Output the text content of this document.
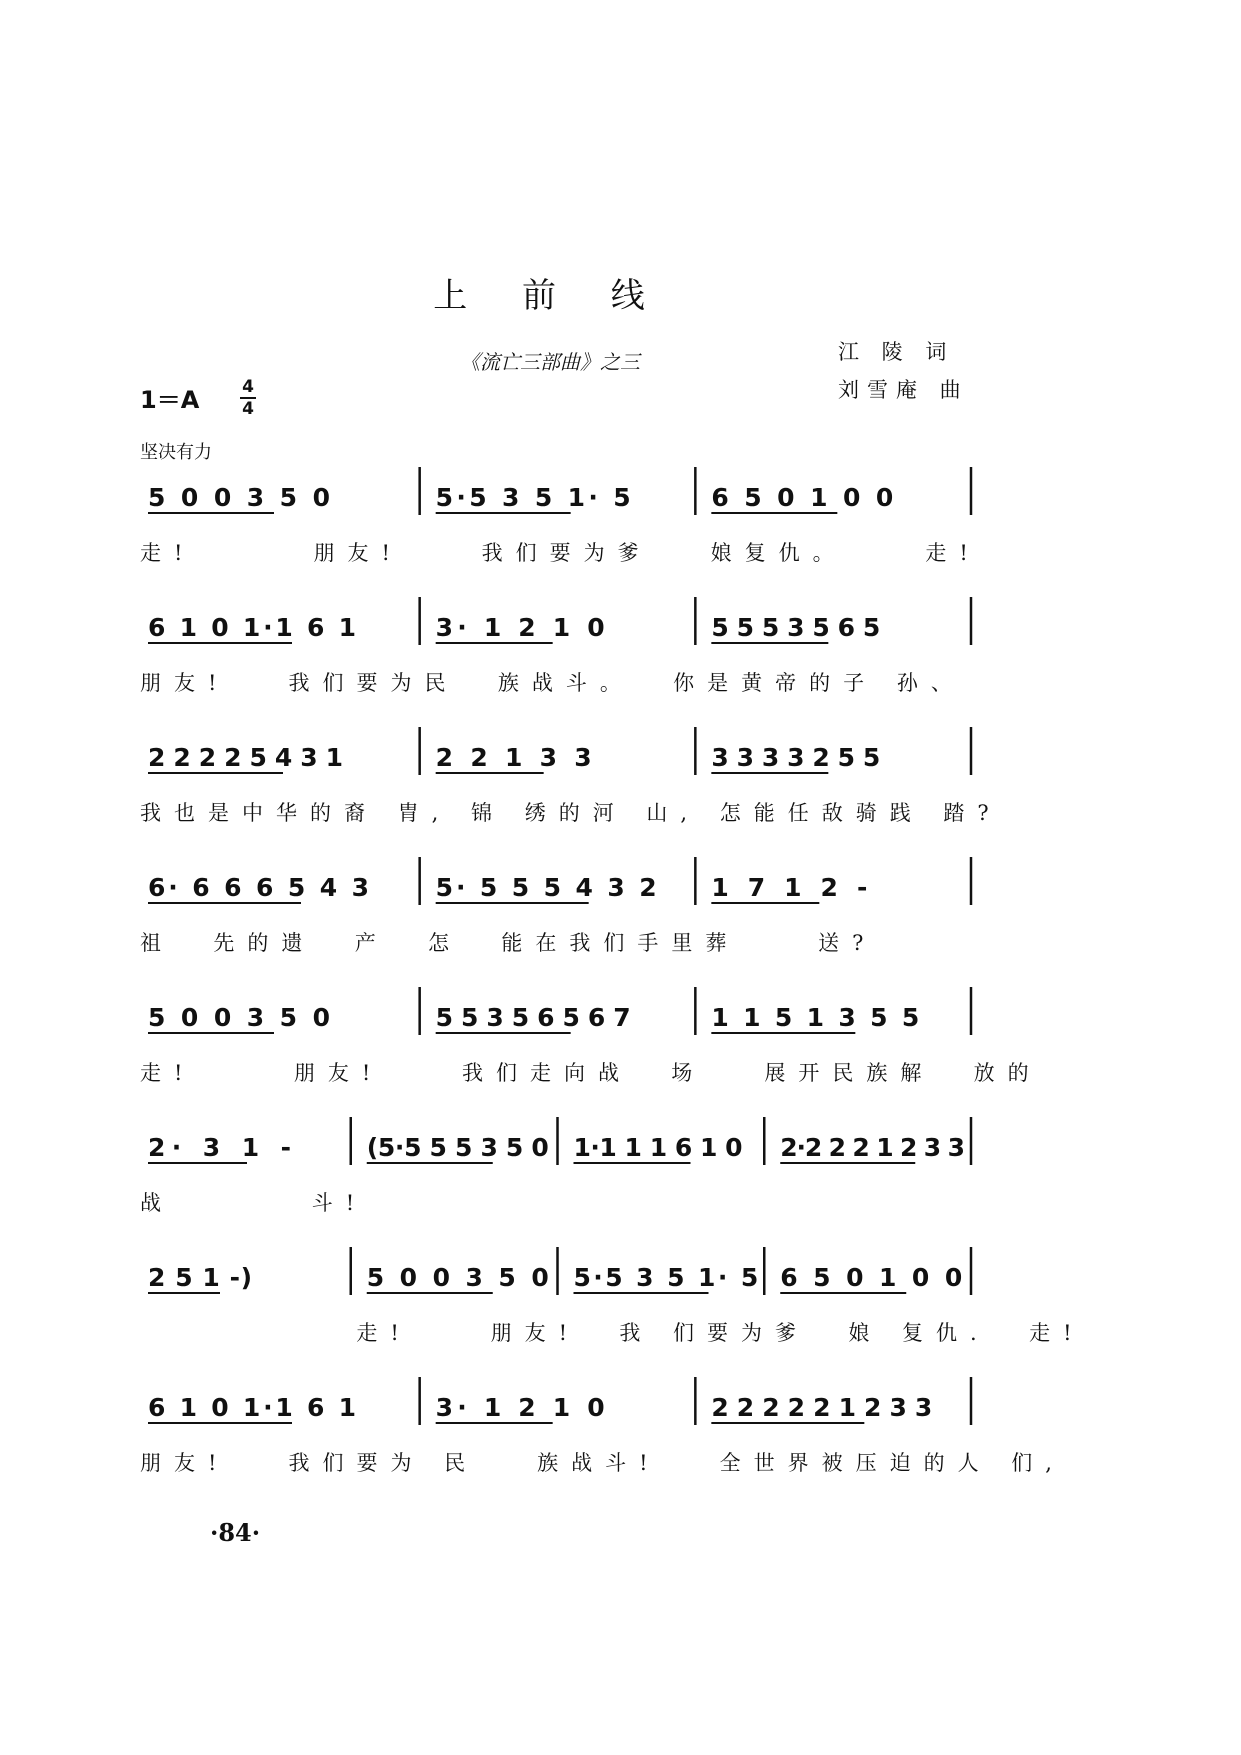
上 前 线
《流亡三部曲》之三
1＝A	4
4
江 陵 词
刘雪庵 曲
坚决有力
5 0 0 3 5 0	5·5 3 5 1· 5	6 5 0 1 0 0
6 1 0 1·1 6 1	3· 1 2 1 0	5 5 5 3 5 6 5
2 2 2 2 5 4 3 1	2 2 1 3 3	3 3 3 3 2 5 5
6· 6 6 6 5 4 3	5· 5 5 5 4 3 2 1 7 1 2 -
5 0 0 3 5 0	5 5 3 5 6 5 6 7	1 1 5 1 3 5 5
2· 3 1 -	(5·5 5 5 3 5 0 1·1 1 1 6 1 0 2·2 2 2 1 2 3 3
2 5 1 -)	5 0 0 3 5 0 5·5 3 5 1· 5 6 5 0 1 0 0
6 1 0 1·1 6 1	3· 1 2 1 0	2 2 2 2 2 1 2 3 3
走!      朋友!    我们要为爹   娘复仇。    走!
朋友!   我们要为民  族战斗。  你是黄帝的子 孙、
我也是中华的裔 胄, 锦 绣的河 山, 怎能任敌骑践 踏?
祖  先的遗  产  怎  能在我们手里葬    送?
走!     朋友!    我们走向战  场   展开民族解  放的
战       斗!
走!    朋友!  我 们要为爹  娘 复仇.  走!
朋友!   我们要为 民   族战斗!   全世界被压迫的人 们,
·84·
